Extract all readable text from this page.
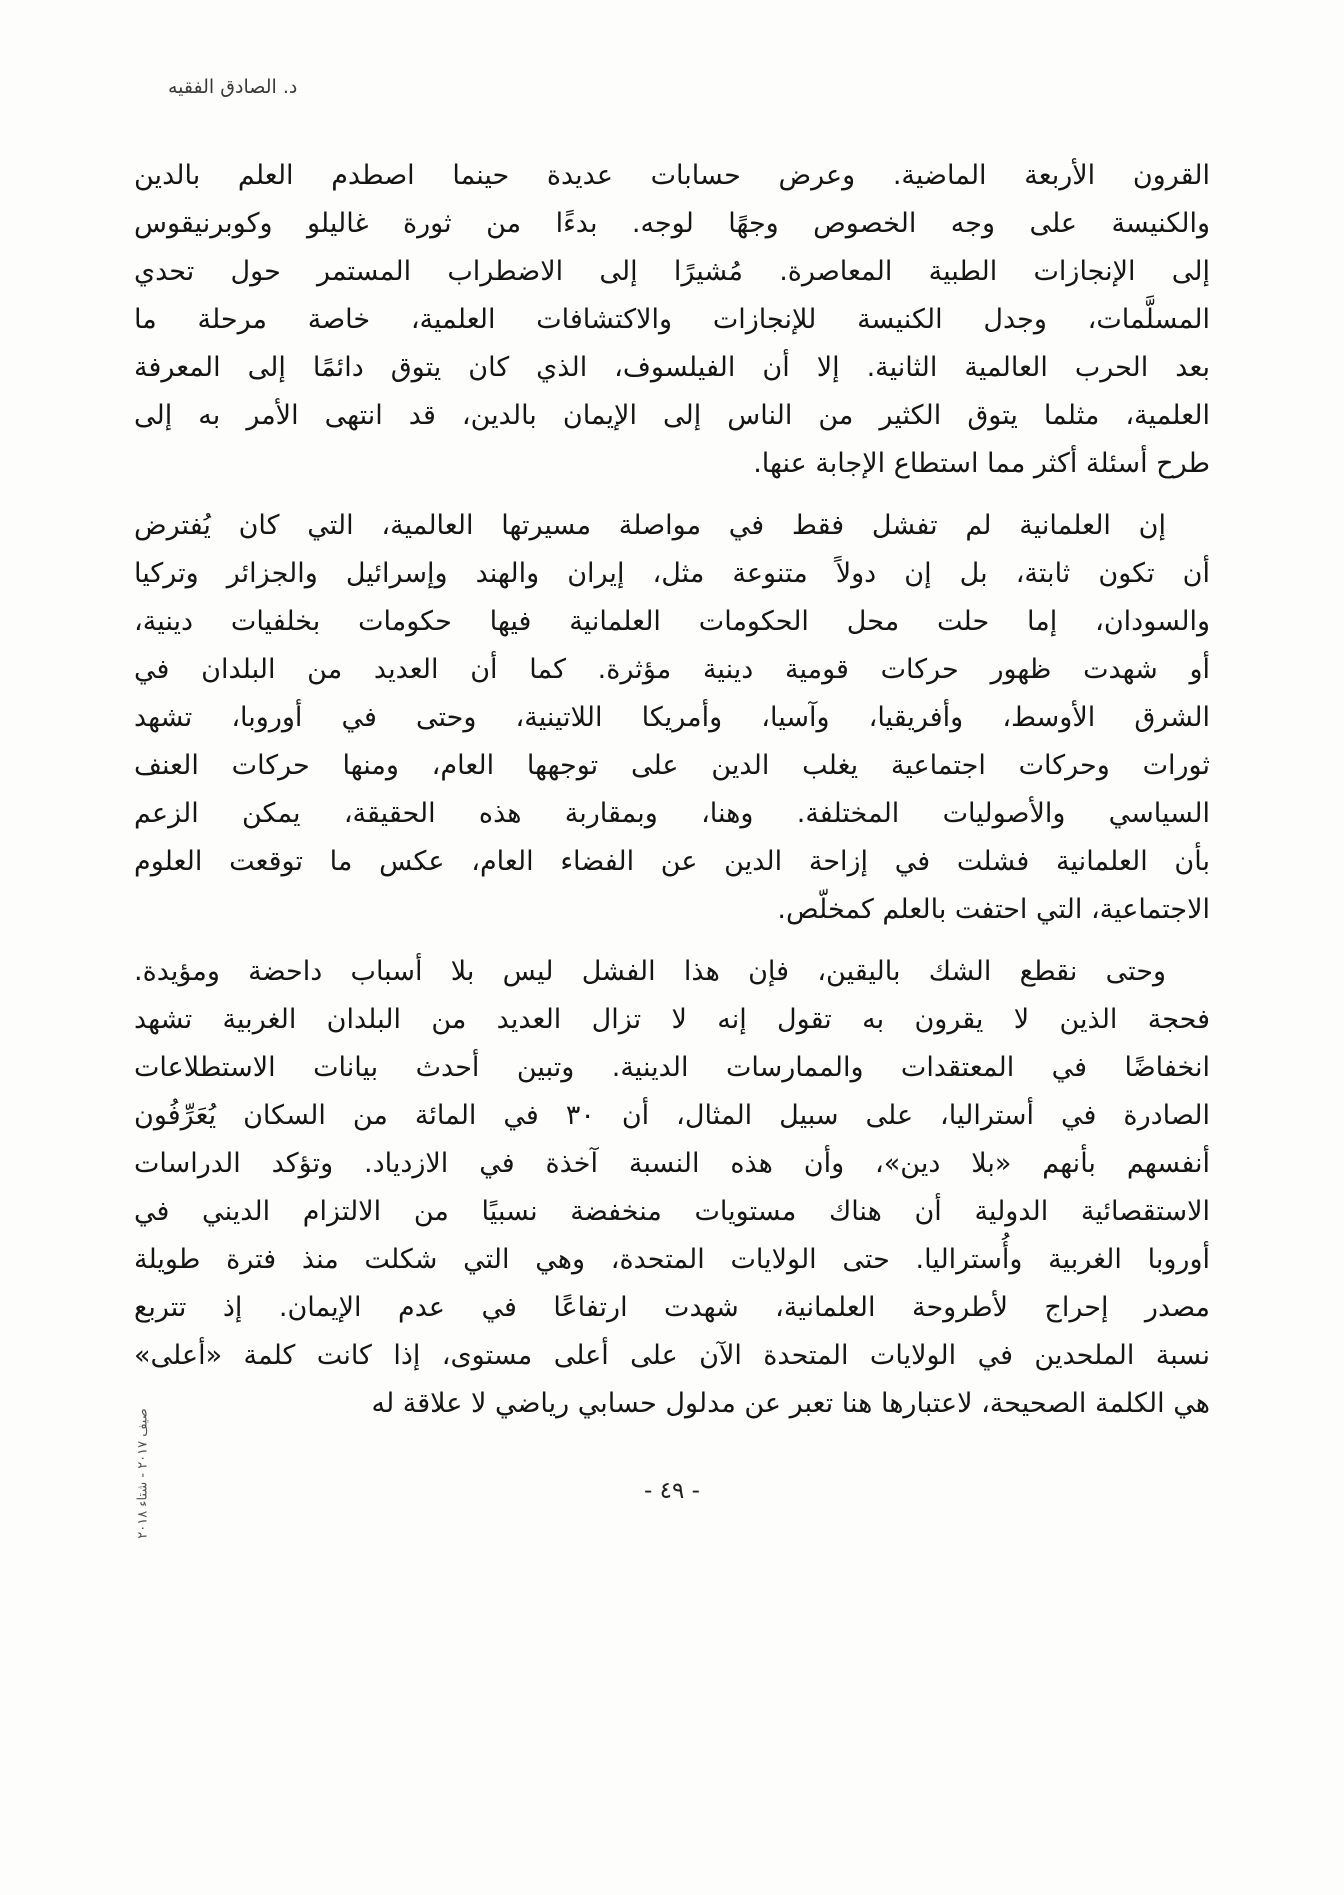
د. الصادق الفقيه
القرون الأربعة الماضية. وعرض حسابات عديدة حينما اصطدم العلم بالدين
والكنيسة على وجه الخصوص وجهًا لوجه. بدءًا من ثورة غاليلو وكوبرنيقوس
إلى الإنجازات الطبية المعاصرة. مُشيرًا إلى الاضطراب المستمر حول تحدي
المسلَّمات، وجدل الكنيسة للإنجازات والاكتشافات العلمية، خاصة مرحلة ما
بعد الحرب العالمية الثانية. إلا أن الفيلسوف، الذي كان يتوق دائمًا إلى المعرفة
العلمية، مثلما يتوق الكثير من الناس إلى الإيمان بالدين، قد انتهى الأمر به إلى
طرح أسئلة أكثر مما استطاع الإجابة عنها.
إن العلمانية لم تفشل فقط في مواصلة مسيرتها العالمية، التي كان يُفترض
أن تكون ثابتة، بل إن دولاً متنوعة مثل، إيران والهند وإسرائيل والجزائر وتركيا
والسودان، إما حلت محل الحكومات العلمانية فيها حكومات بخلفيات دينية،
أو شهدت ظهور حركات قومية دينية مؤثرة. كما أن العديد من البلدان في
الشرق الأوسط، وأفريقيا، وآسيا، وأمريكا اللاتينية، وحتى في أوروبا، تشهد
ثورات وحركات اجتماعية يغلب الدين على توجهها العام، ومنها حركات العنف
السياسي والأصوليات المختلفة. وهنا، وبمقاربة هذه الحقيقة، يمكن الزعم
بأن العلمانية فشلت في إزاحة الدين عن الفضاء العام، عكس ما توقعت العلوم
الاجتماعية، التي احتفت بالعلم كمخلّص.
وحتى نقطع الشك باليقين، فإن هذا الفشل ليس بلا أسباب داحضة ومؤيدة.
فحجة الذين لا يقرون به تقول إنه لا تزال العديد من البلدان الغربية تشهد
انخفاضًا في المعتقدات والممارسات الدينية. وتبين أحدث بيانات الاستطلاعات
الصادرة في أستراليا، على سبيل المثال، أن ٣٠ في المائة من السكان يُعَرِّفُون
أنفسهم بأنهم «بلا دين»، وأن هذه النسبة آخذة في الازدياد. وتؤكد الدراسات
الاستقصائية الدولية أن هناك مستويات منخفضة نسبيًا من الالتزام الديني في
أوروبا الغربية وأُستراليا. حتى الولايات المتحدة، وهي التي شكلت منذ فترة طويلة
مصدر إحراج لأطروحة العلمانية، شهدت ارتفاعًا في عدم الإيمان. إذ تتربع
نسبة الملحدين في الولايات المتحدة الآن على أعلى مستوى، إذا كانت كلمة «أعلى»
هي الكلمة الصحيحة، لاعتبارها هنا تعبر عن مدلول حسابي رياضي لا علاقة له
صيف ٢٠١٧ - شتاء ٢٠١٨
- ٤٩ -
